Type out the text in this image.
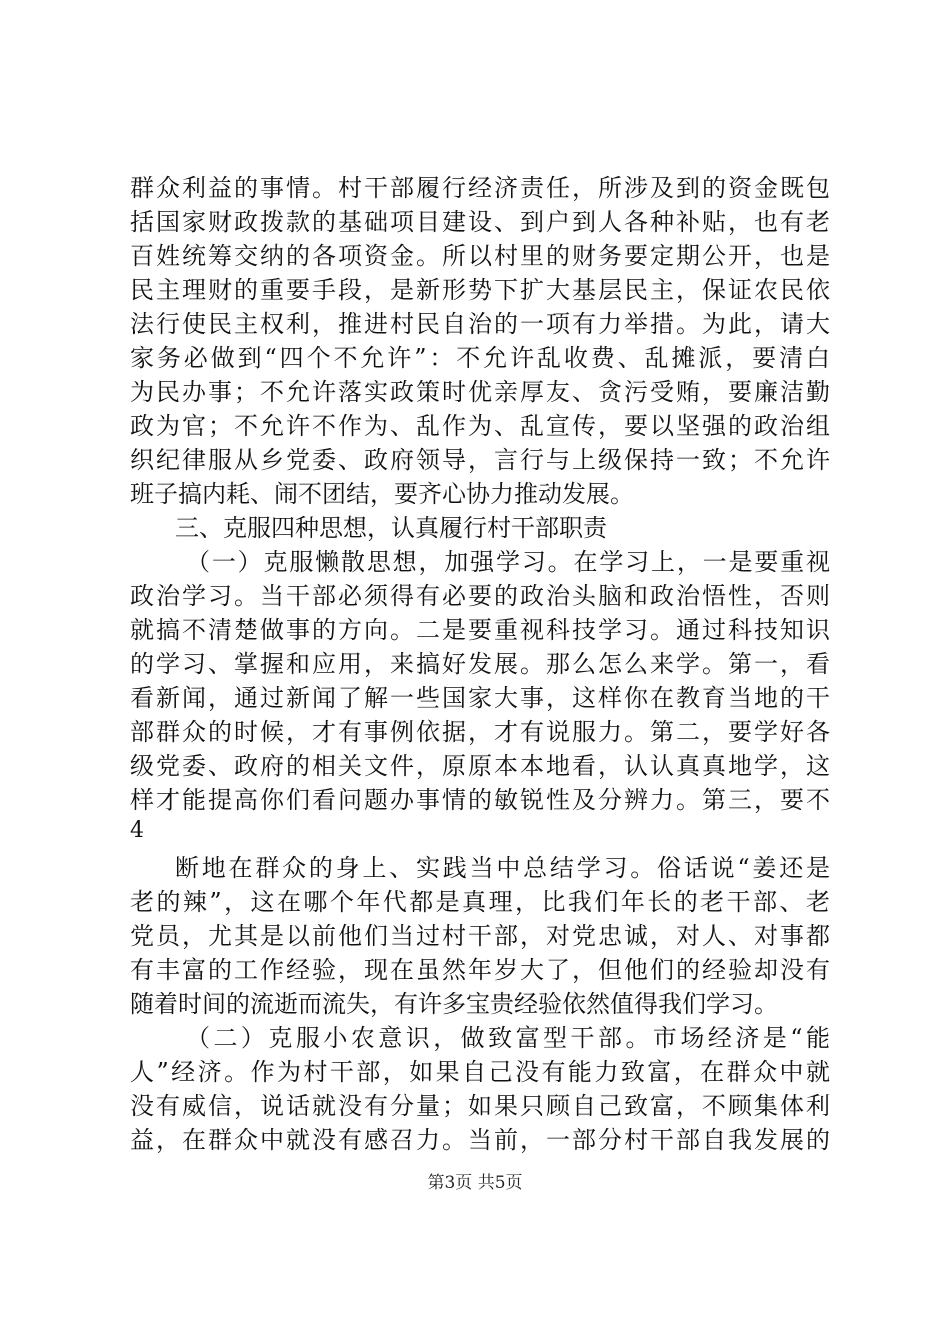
群众利益的事情。村干部履行经济责任，所涉及到的资金既包
括国家财政拨款的基础项目建设、到户到人各种补贴，也有老
百姓统筹交纳的各项资金。所以村里的财务要定期公开，也是
民主理财的重要手段，是新形势下扩大基层民主，保证农民依
法行使民主权利，推进村民自治的一项有力举措。为此，请大
家务必做到“四个不允许”：不允许乱收费、乱摊派，要清白
为民办事；不允许落实政策时优亲厚友、贪污受贿，要廉洁勤
政为官；不允许不作为、乱作为、乱宣传，要以坚强的政治组
织纪律服从乡党委、政府领导，言行与上级保持一致；不允许
班子搞内耗、闹不团结，要齐心协力推动发展。
三、克服四种思想，认真履行村干部职责
（一）克服懒散思想，加强学习。在学习上，一是要重视
政治学习。当干部必须得有必要的政治头脑和政治悟性，否则
就搞不清楚做事的方向。二是要重视科技学习。通过科技知识
的学习、掌握和应用，来搞好发展。那么怎么来学。第一，看
看新闻，通过新闻了解一些国家大事，这样你在教育当地的干
部群众的时候，才有事例依据，才有说服力。第二，要学好各
级党委、政府的相关文件，原原本本地看，认认真真地学，这
样才能提高你们看问题办事情的敏锐性及分辨力。第三，要不
4
断地在群众的身上、实践当中总结学习。俗话说“姜还是
老的辣”，这在哪个年代都是真理，比我们年长的老干部、老
党员，尤其是以前他们当过村干部，对党忠诚，对人、对事都
有丰富的工作经验，现在虽然年岁大了，但他们的经验却没有
随着时间的流逝而流失，有许多宝贵经验依然值得我们学习。
（二）克服小农意识，做致富型干部。市场经济是“能
人”经济。作为村干部，如果自己没有能力致富，在群众中就
没有威信，说话就没有分量；如果只顾自己致富，不顾集体利
益，在群众中就没有感召力。当前，一部分村干部自我发展的
第3页 共5页
